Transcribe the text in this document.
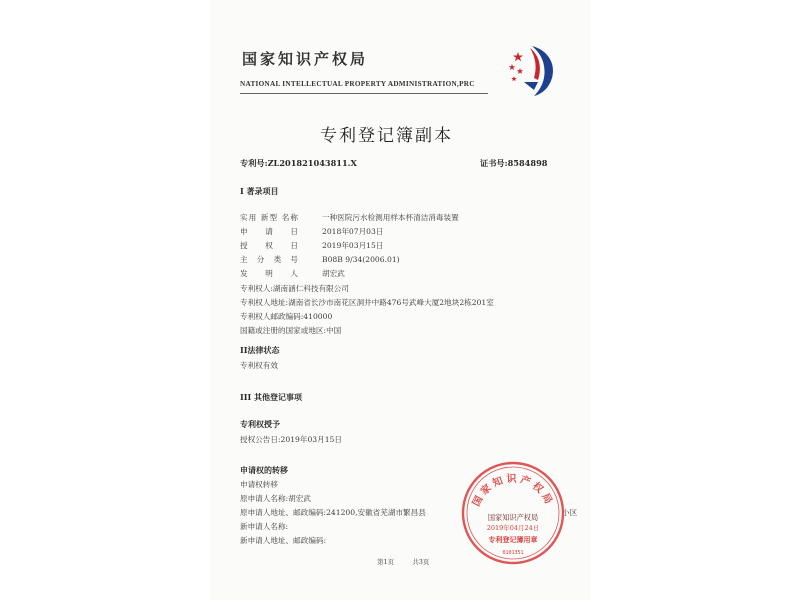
国家知识产权局
NATIONAL INTELLECTUAL PROPERTY ADMINISTRATION,PRC
专利登记簿副本
专利号:ZL201821043811.X	证书号:8584898
I 著录项目
实用 新型 名称	一种医院污水检测用样本杯清洁消毒装置
申 请 日	2018年07月03日
授 权 日	2019年03月15日
主 分 类 号	B08B 9/34(2006.01)
发 明 人	胡宏武
专利权人:湖南涵仁科技有限公司
专利权人地址:湖南省长沙市南花区洞井中路476号武峰大厦2地块2栋201室
专利权人邮政编码:410000
国籍或注册的国家或地区:中国
II法律状态
专利权有效
III 其他登记事项
专利权授予
授权公告日:2019年03月15日
申请权的转移
申请权转移
原申请人名称:胡宏武
原申请人地址、邮政编码:241200,安徽省芜湖市繁昌县	小区
新申请人名称:
新申请人地址、邮政编码:
国家知识产权局
国家知识产权局
2019年04月24日
专利登记簿用章
0101351
第1页	共3页
